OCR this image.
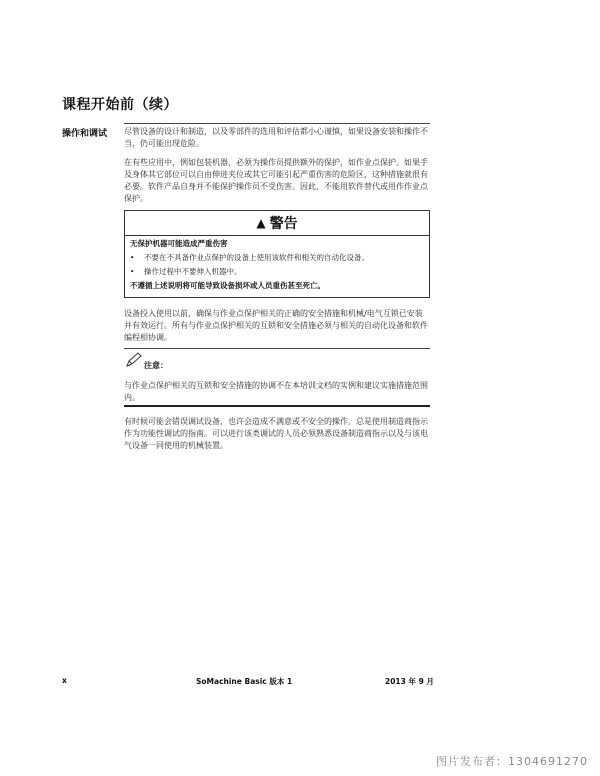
课程开始前（续）
操作和调试 尽管设备的设计和制造，以及零部件的选用和评估都小心谨慎，如果设备安装和操作不当，仍可能出现危险。
在有些应用中，例如包装机器，必须为操作员提供额外的保护，如作业点保护。如果手及身体其它部位可以自由伸进夹位或其它可能引起严重伤害的危险区，这种措施就很有必要。软件产品自身并不能保护操作员不受伤害。因此，不能用软件替代或用作作业点保护。
▲ 警告
无保护机器可能造成严重伤害
• 不要在不具备作业点保护的设备上使用该软件和相关的自动化设备。
• 操作过程中不要伸入机器中。
不遵循上述说明将可能导致设备损坏或人员重伤甚至死亡。
设备投入使用以前，确保与作业点保护相关的正确的安全措施和机械/电气互锁已安装并有效运行。所有与作业点保护相关的互锁和安全措施必须与相关的自动化设备和软件编程相协调。
注意：
与作业点保护相关的互锁和安全措施的协调不在本培训文档的实例和建议实施措施范围内。
有时候可能会错误调试设备，也许会造成不满意或不安全的操作。总是使用制造商指示作为功能性调试的指南。可以进行该类调试的人员必须熟悉设备制造商指示以及与该电气设备一同使用的机械装置。
x	SoMachine Basic 版本 1	2013 年 9 月
图片发布者：1304691270
